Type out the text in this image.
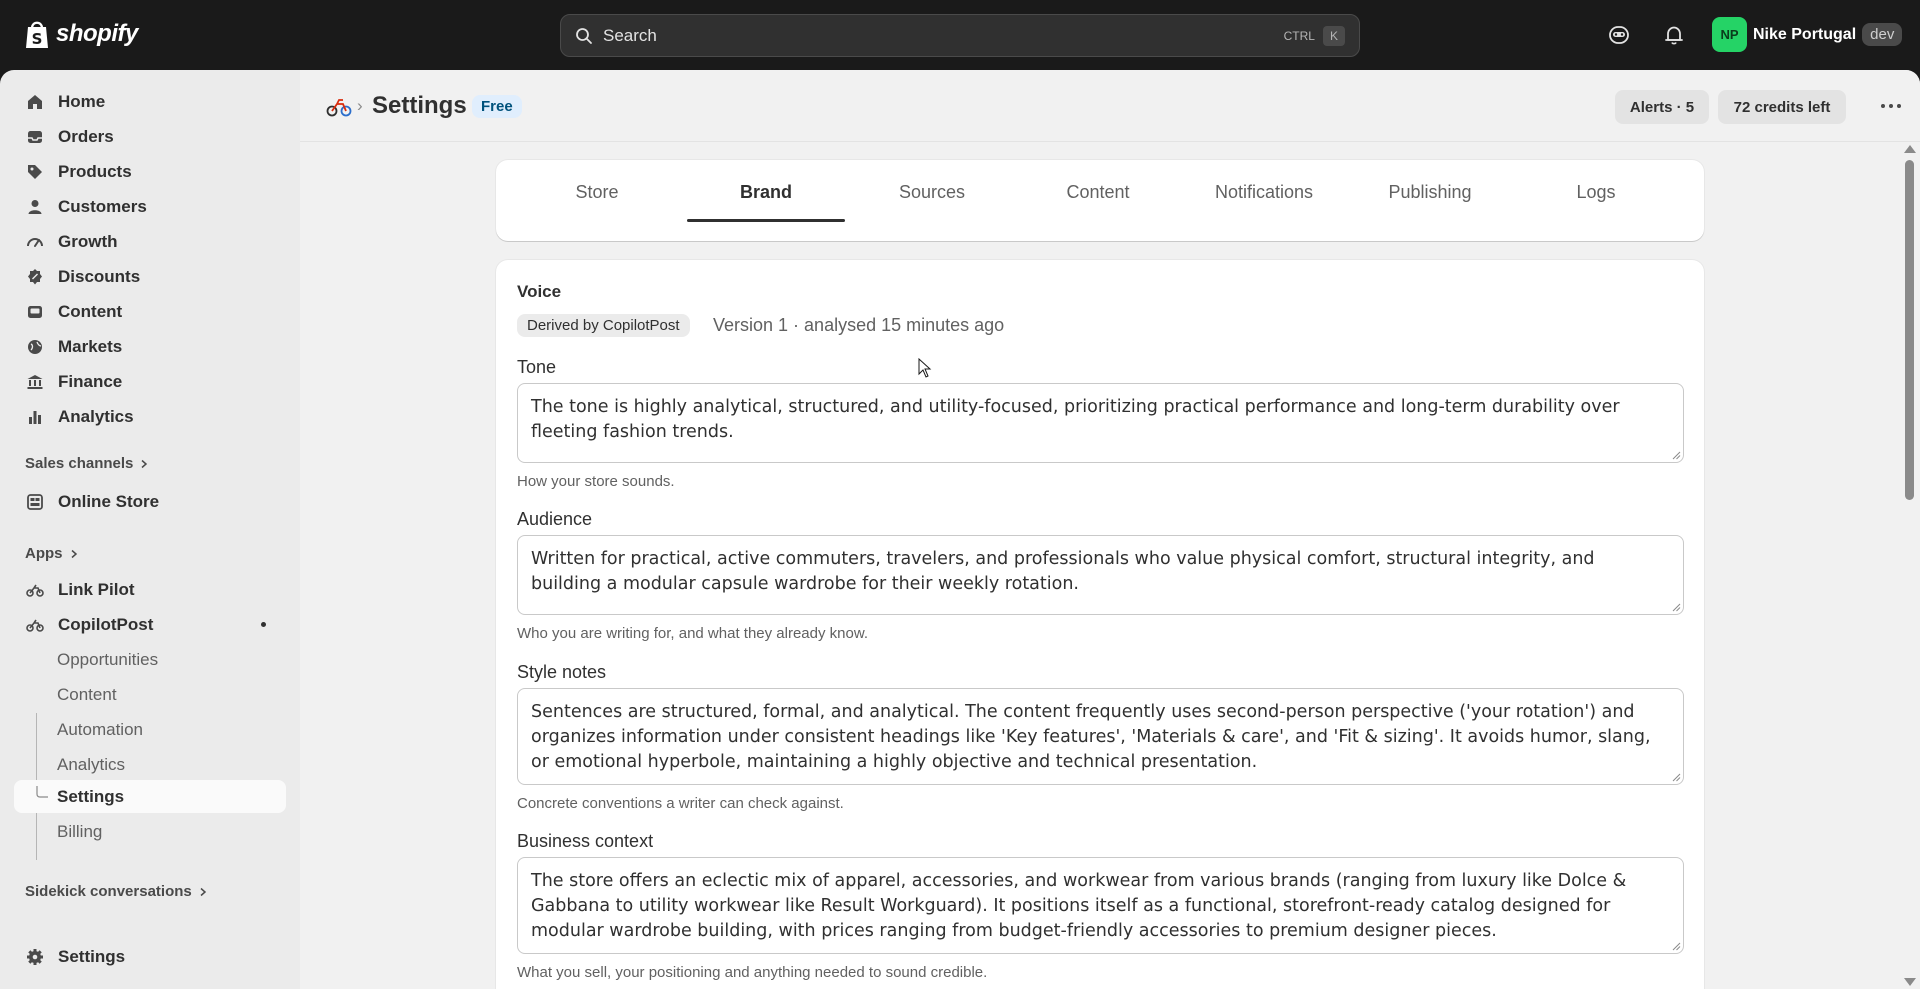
S shopify	Search	CTRL	K	NP Nike Portugal dev
Home
Orders
Products
Customers
Growth
Discounts
Content
Markets
Finance
Analytics
Sales channels
Online Store
Apps
Link Pilot
CopilotPost
Opportunities
Content
Automation
Analytics
Settings
Billing
Sidekick conversations
Settings
› Settings Free	Alerts · 5	72 credits left
Store	Brand	Sources	Content	Notifications	Publishing	Logs
Voice
Derived by CopilotPost	Version 1 · analysed 15 minutes ago
Tone
The tone is highly analytical, structured, and utility-focused, prioritizing practical performance and long-term durability over fleeting fashion trends.
How your store sounds.
Audience
Written for practical, active commuters, travelers, and professionals who value physical comfort, structural integrity, and building a modular capsule wardrobe for their weekly rotation.
Who you are writing for, and what they already know.
Style notes
Sentences are structured, formal, and analytical. The content frequently uses second-person perspective ('your rotation') and organizes information under consistent headings like 'Key features', 'Materials & care', and 'Fit & sizing'. It avoids humor, slang, or emotional hyperbole, maintaining a highly objective and technical presentation.
Concrete conventions a writer can check against.
Business context
The store offers an eclectic mix of apparel, accessories, and workwear from various brands (ranging from luxury like Dolce & Gabbana to utility workwear like Result Workguard). It positions itself as a functional, storefront-ready catalog designed for modular wardrobe building, with prices ranging from budget-friendly accessories to premium designer pieces.
What you sell, your positioning and anything needed to sound credible.
